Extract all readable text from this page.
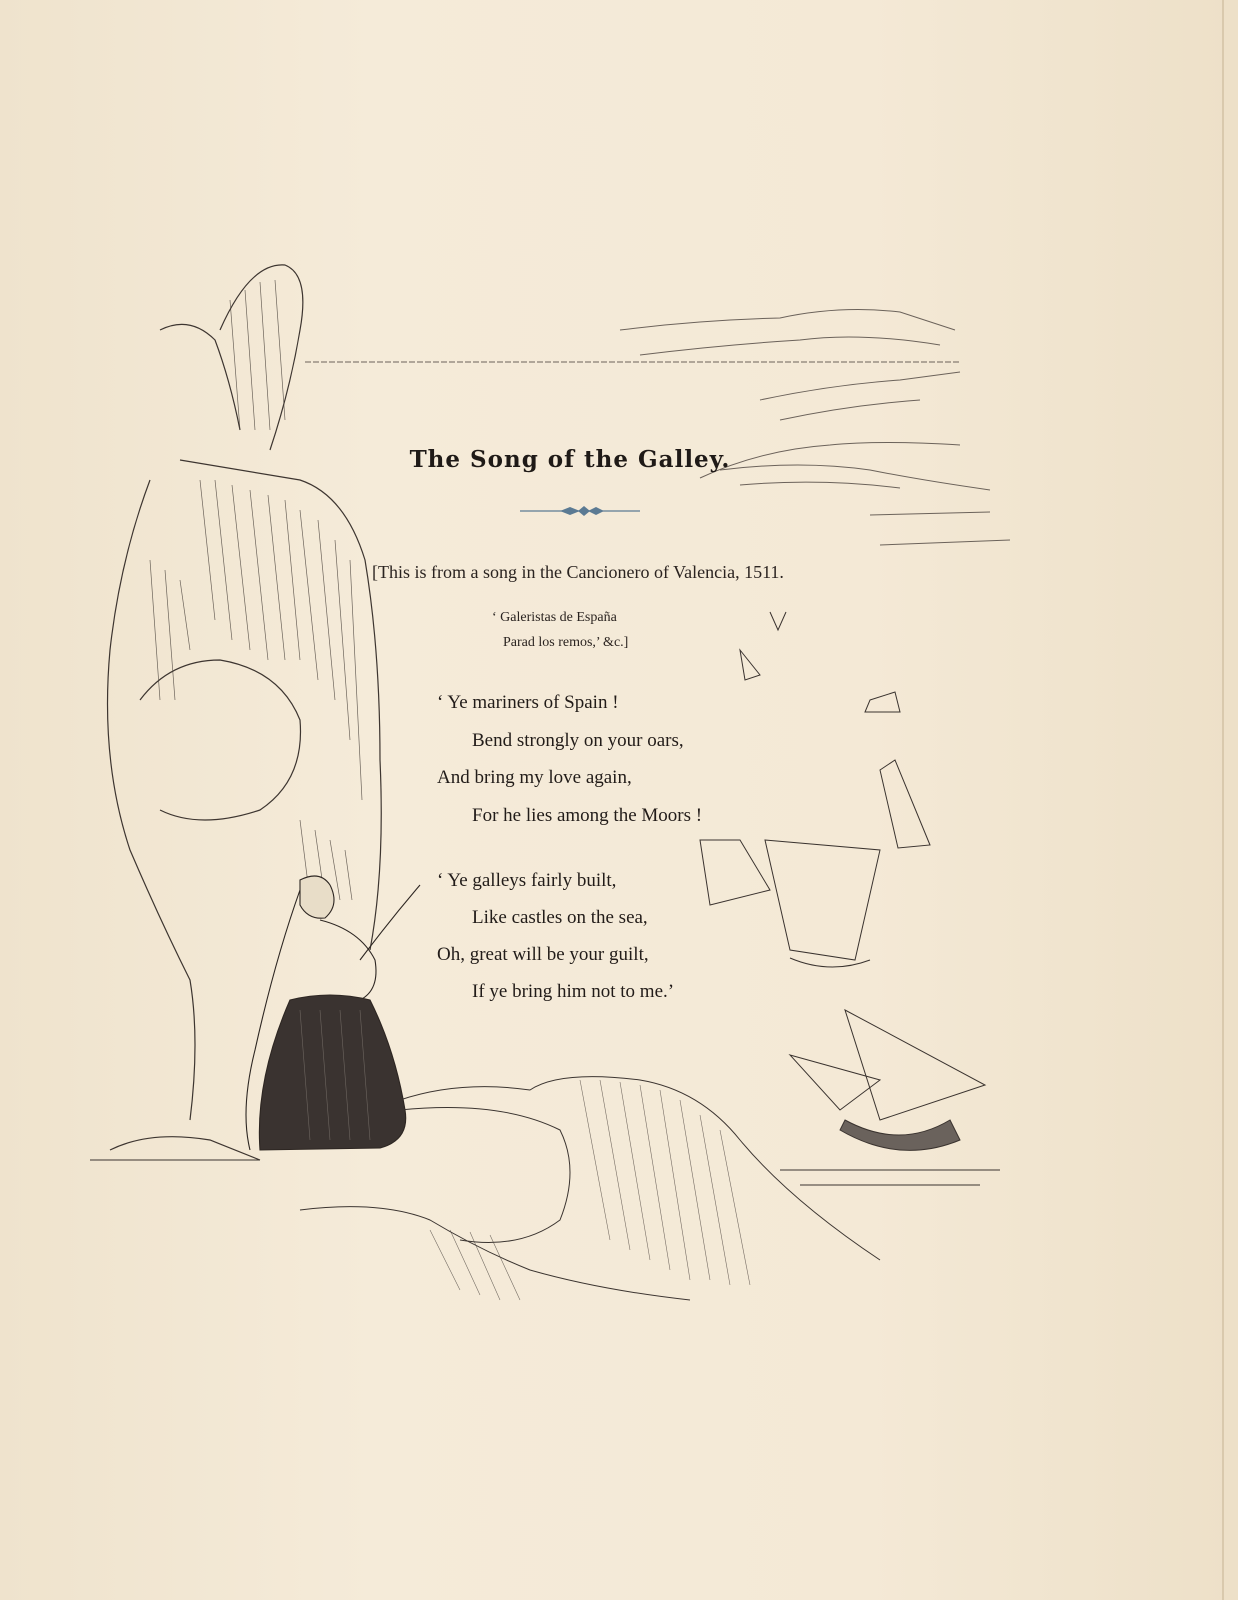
The Song of the Galley.
[This is from a song in the Cancionero of Valencia, 1511.
‘ Galeristas de España
Parad los remos,’ &c.]
‘ Ye mariners of Spain !
Bend strongly on your oars,
And bring my love again,
For he lies among the Moors !
‘ Ye galleys fairly built,
Like castles on the sea,
Oh, great will be your guilt,
If ye bring him not to me.’
